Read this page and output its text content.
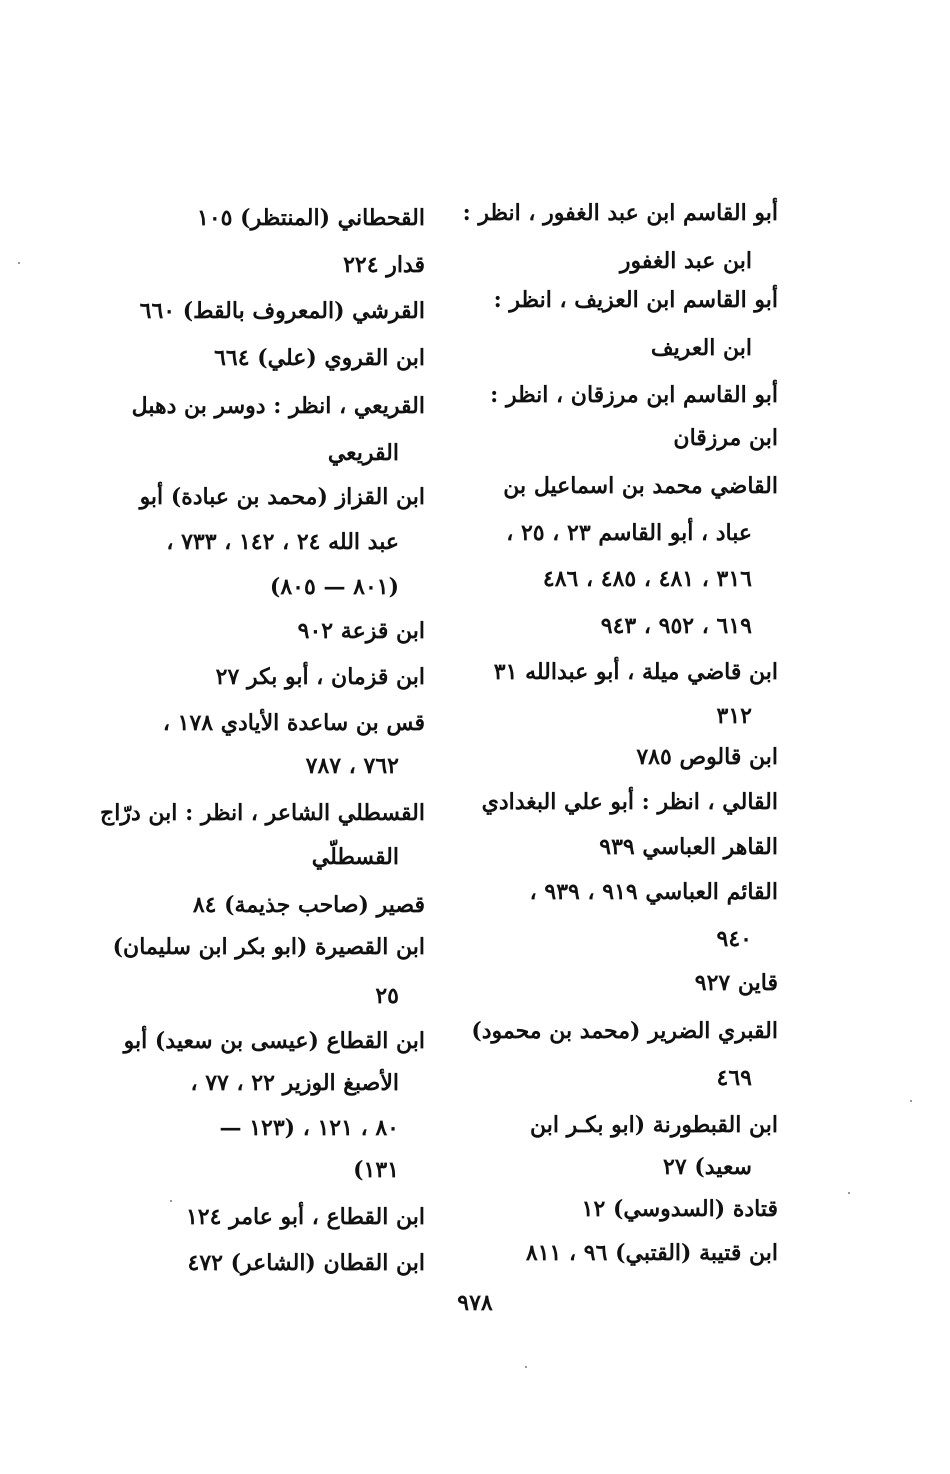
أبو القاسم ابن عبد الغفور ، انظر :
ابن عبد الغفور
أبو القاسم ابن العزيف ، انظر :
ابن العريف
أبو القاسم ابن مرزقان ، انظر :
ابن مرزقان
القاضي محمد بن اسماعيل بن
عباد ، أبو القاسم ٢٣ ، ٢٥ ،
٣١٦ ، ٤٨١ ، ٤٨٥ ، ٤٨٦
٦١٩ ، ٩٥٢ ، ٩٤٣
ابن قاضي ميلة ، أبو عبدالله ٣١
٣١٢
ابن قالوص ٧٨٥
القالي ، انظر : أبو علي البغدادي
القاهر العباسي ٩٣٩
القائم العباسي ٩١٩ ، ٩٣٩ ،
٩٤٠
قاين ٩٢٧
القبري الضرير (محمد بن محمود)
٤٦٩
ابن القبطورنة (ابو بكـر ابن
سعيد) ٢٧
قتادة (السدوسي) ١٢
ابن قتيبة (القتبي) ٩٦ ، ٨١١
القحطاني (المنتظر) ١٠٥
قدار ٢٢٤
القرشي (المعروف بالقط) ٦٦٠
ابن القروي (علي) ٦٦٤
القريعي ، انظر : دوسر بن دهبل
القريعي
ابن القزاز (محمد بن عبادة) أبو
عبد الله ٢٤ ، ١٤٢ ، ٧٣٣ ،
(٨٠١ — ٨٠٥)
ابن قزعة ٩٠٢
ابن قزمان ، أبو بكر ٢٧
قس بن ساعدة الأيادي ١٧٨ ،
٧٦٢ ، ٧٨٧
القسطلي الشاعر ، انظر : ابن درّاج
القسطلّي
قصير (صاحب جذيمة) ٨٤
ابن القصيرة (ابو بكر ابن سليمان)
٢٥
ابن القطاع (عيسى بن سعيد) أبو
الأصبغ الوزير ٢٢ ، ٧٧ ،
٨٠ ، ١٢١ ، (١٢٣ —
١٣١)
ابن القطاع ، أبو عامر ١٢٤
ابن القطان (الشاعر) ٤٧٢
٩٧٨
